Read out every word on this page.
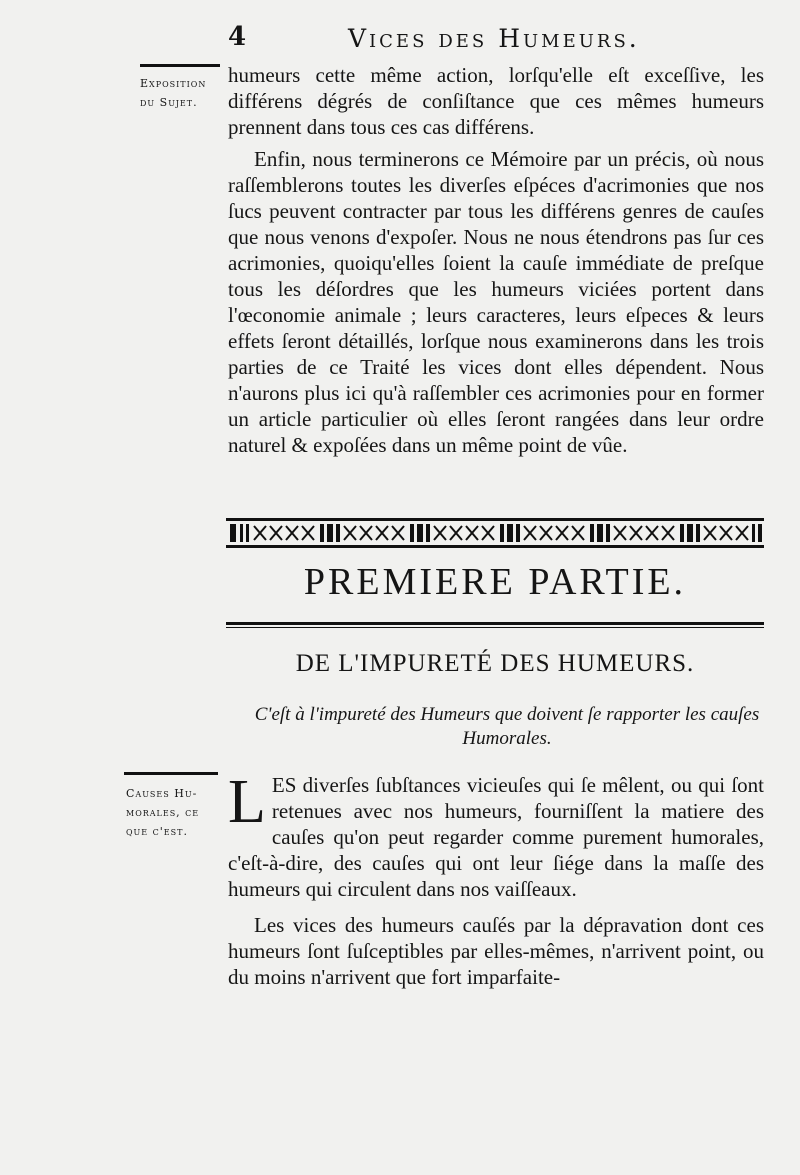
4	Vices des Humeurs.
Exposition
du Sujet.

humeurs cette même action, lorſqu'elle eſt exceſſive, les différens dégrés de conſiſtance que ces mêmes humeurs prennent dans tous ces cas différens.

Enfin, nous terminerons ce Mémoire par un précis, où nous raſſemblerons toutes les diverſes eſpéces d'acrimonies que nos ſucs peuvent contracter par tous les différens genres de cauſes que nous venons d'expoſer. Nous ne nous étendrons pas ſur ces acrimonies, quoiqu'elles ſoient la cauſe immédiate de preſque tous les déſordres que les humeurs viciées portent dans l'œconomie animale ; leurs caracteres, leurs eſpeces & leurs effets ſeront détaillés, lorſque nous examinerons dans les trois parties de ce Traité les vices dont elles dépendent. Nous n'aurons plus ici qu'à raſſembler ces acrimonies pour en former un article particulier où elles ſeront rangées dans leur ordre naturel & expoſées dans un même point de vûe.

PREMIERE PARTIE.
DE L'IMPURETÉ DES HUMEURS.
C'eſt à l'impureté des Humeurs que doivent ſe rapporter les cauſes Humorales.
Causes Hu-
morales, ce
que c'est. LES diverſes ſubſtances vicieuſes qui ſe mêlent, ou qui ſont retenues avec nos humeurs, fourniſſent la matiere des cauſes qu'on peut regarder comme purement humorales, c'eſt-à-dire, des cauſes qui ont leur ſiége dans la maſſe des humeurs qui circulent dans nos vaiſſeaux.

Les vices des humeurs cauſés par la dépravation dont ces humeurs ſont ſuſceptibles par elles-mêmes, n'arrivent point, ou du moins n'arrivent que fort imparfaite-
